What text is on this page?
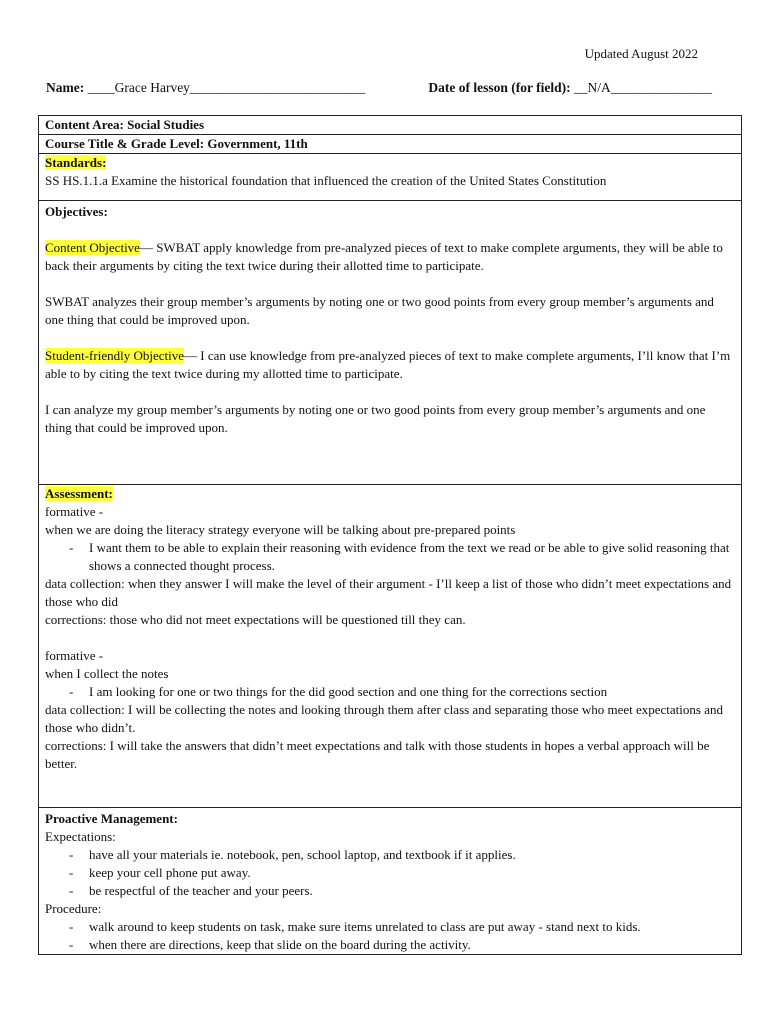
Updated August 2022
Name: ____Grace Harvey__________________________	Date of lesson (for field): __N/A_______________
Content Area: Social Studies
Course Title & Grade Level: Government, 11th
Standards:

SS HS.1.1.a Examine the historical foundation that influenced the creation of the United States Constitution

Objectives:

Content Objective— SWBAT apply knowledge from pre-analyzed pieces of text to make complete arguments, they will be able to back their arguments by citing the text twice during their allotted time to participate.

SWBAT analyzes their group member’s arguments by noting one or two good points from every group member’s arguments and one thing that could be improved upon.

Student-friendly Objective— I can use knowledge from pre-analyzed pieces of text to make complete arguments, I’ll know that I’m able to by citing the text twice during my allotted time to participate.

I can analyze my group member’s arguments by noting one or two good points from every group member’s arguments and one thing that could be improved upon.

Assessment:

formative -

when we are doing the literacy strategy everyone will be talking about pre-prepared points

- I want them to be able to explain their reasoning with evidence from the text we read or be able to give solid reasoning that shows a connected thought process.

data collection: when they answer I will make the level of their argument - I’ll keep a list of those who didn’t meet expectations and those who did

corrections: those who did not meet expectations will be questioned till they can.

formative -

when I collect the notes

- I am looking for one or two things for the did good section and one thing for the corrections section

data collection: I will be collecting the notes and looking through them after class and separating those who meet expectations and those who didn’t.

corrections: I will take the answers that didn’t meet expectations and talk with those students in hopes a verbal approach will be better.

Proactive Management:

Expectations:

- have all your materials ie. notebook, pen, school laptop, and textbook if it applies.
- keep your cell phone put away.
- be respectful of the teacher and your peers.

Procedure:

- walk around to keep students on task, make sure items unrelated to class are put away - stand next to kids.
- when there are directions, keep that slide on the board during the activity.
